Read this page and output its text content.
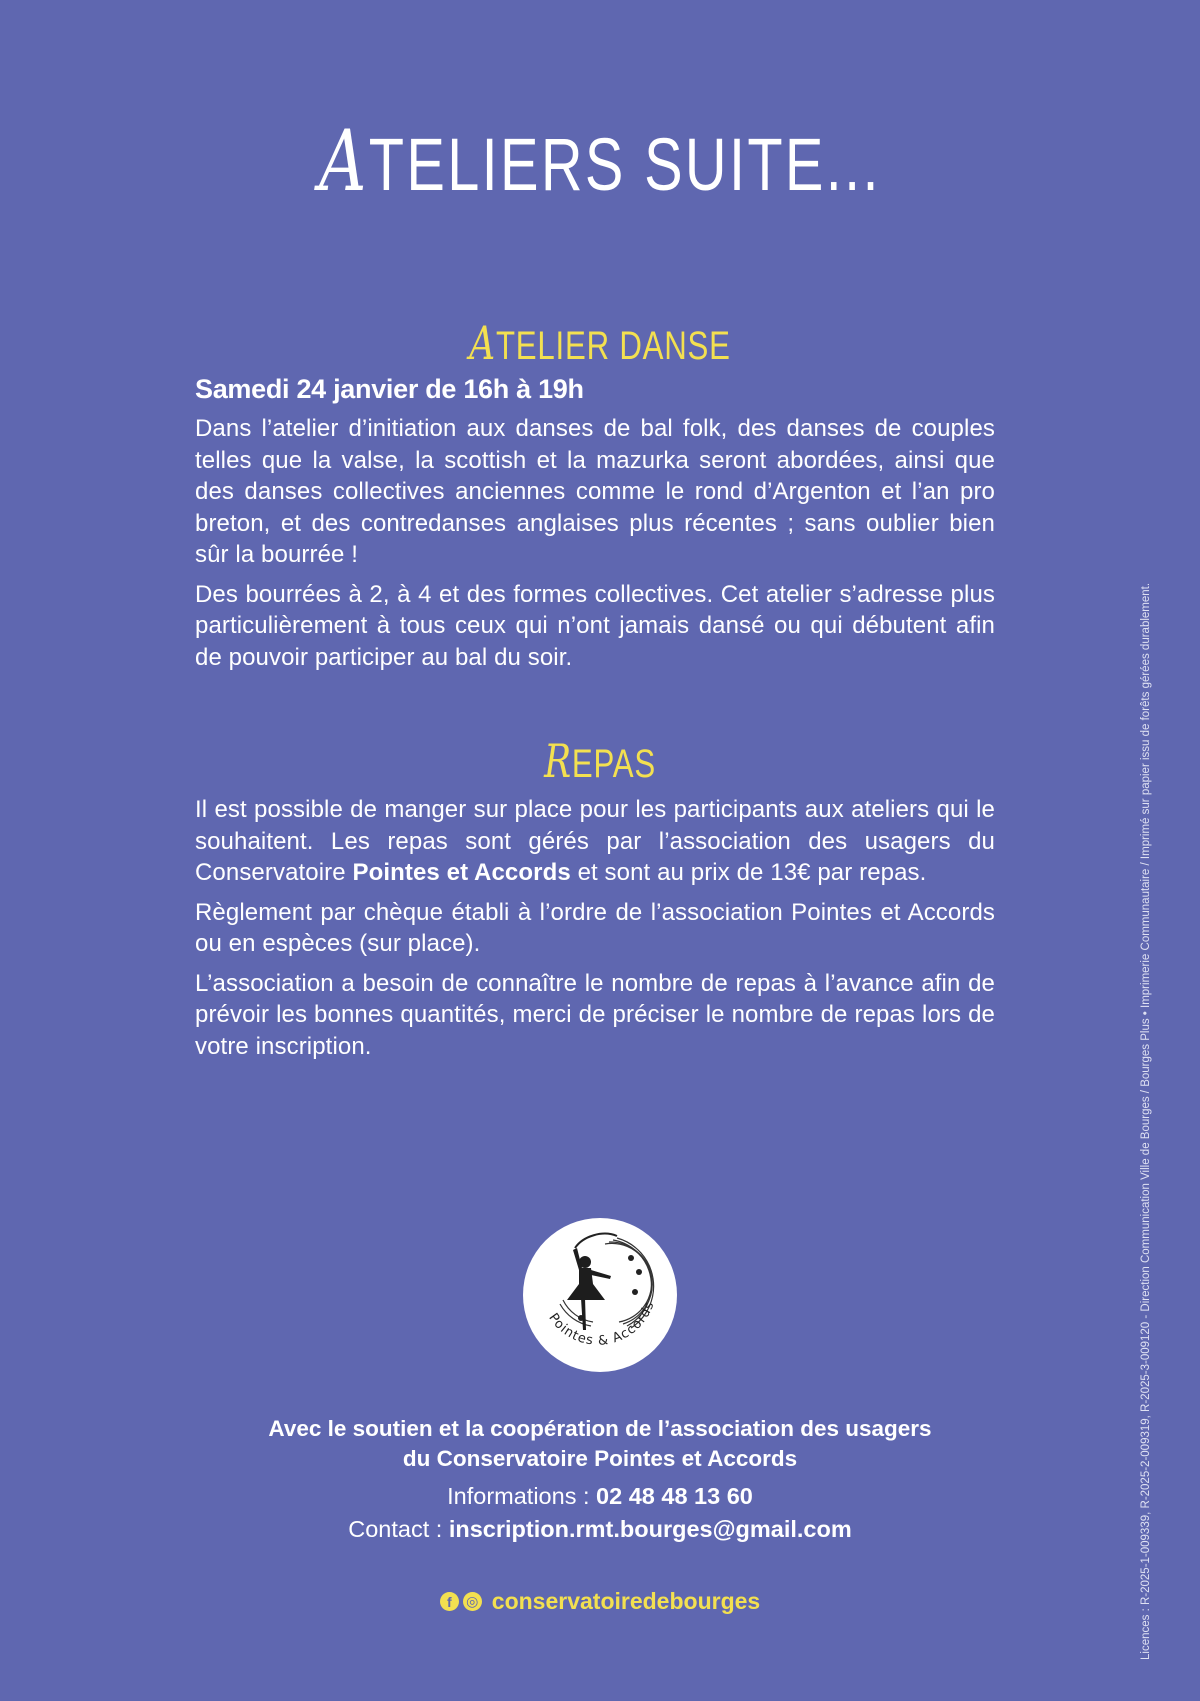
ATELIERS SUITE...
ATELIER DANSE

Samedi 24 janvier de 16h à 19h

Dans l’atelier d’initiation aux danses de bal folk, des danses de couples telles que la valse, la scottish et la mazurka seront abordées, ainsi que des danses collectives anciennes comme le rond d’Argenton et l’an pro breton, et des contredanses anglaises plus récentes ; sans oublier bien sûr la bourrée !

Des bourrées à 2, à 4 et des formes collectives. Cet atelier s’adresse plus particulièrement à tous ceux qui n’ont jamais dansé ou qui débutent afin de pouvoir participer au bal du soir.

REPAS

Il est possible de manger sur place pour les participants aux ateliers qui le souhaitent. Les repas sont gérés par l’association des usagers du Conservatoire Pointes et Accords et sont au prix de 13€ par repas.

Règlement par chèque établi à l’ordre de l’association Pointes et Accords ou en espèces (sur place).

L’association a besoin de connaître le nombre de repas à l’avance afin de prévoir les bonnes quantités, merci de préciser le nombre de repas lors de votre inscription.

Pointes & Accords

Avec le soutien et la coopération de l’association des usagers

du Conservatoire Pointes et Accords

Informations : 02 48 48 13 60

Contact : inscription.rmt.bourges@gmail.com

f	◎ conservatoiredebourges	Licences : R-2025-1-009339, R-2025-2-009319, R-2025-3-009120 - Direction Communication Ville de Bourges / Bourges Plus • Imprimerie Communautaire / Imprimé sur papier issu de forêts gérées durablement.
